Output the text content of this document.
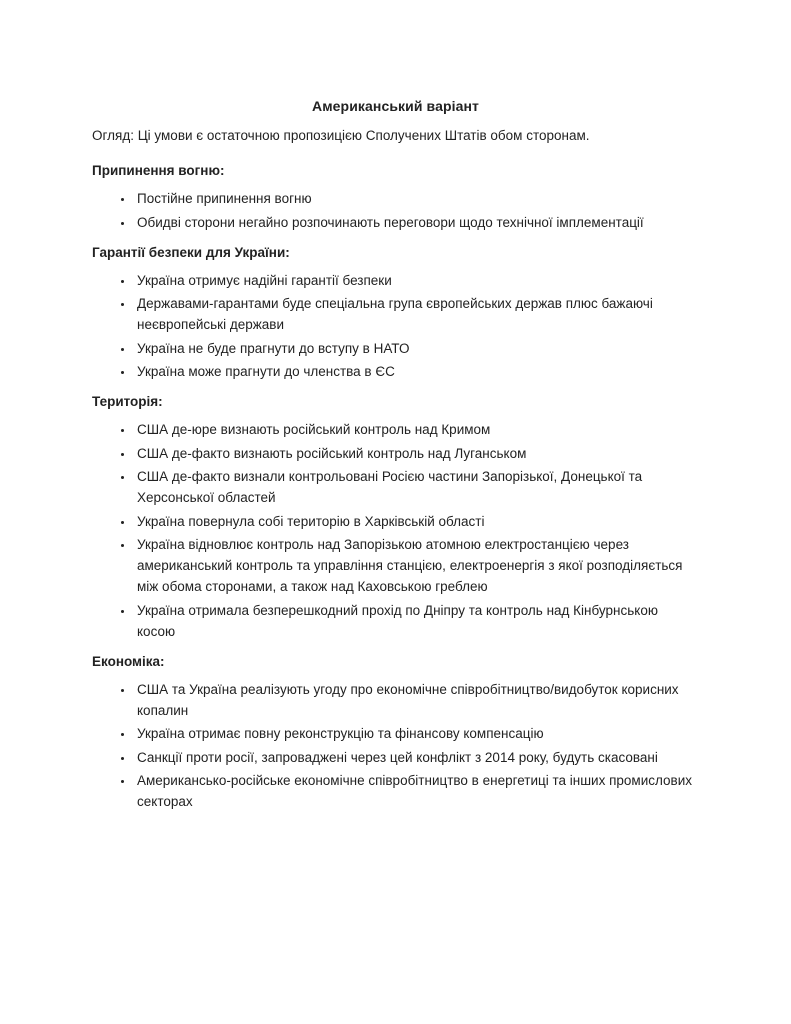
Американський варіант

Огляд: Ці умови є остаточною пропозицією Сполучених Штатів обом сторонам.

Припинення вогню:
• Постійне припинення вогню
• Обидві сторони негайно розпочинають переговори щодо технічної імплементації
Гарантії безпеки для України:
• Україна отримує надійні гарантії безпеки
• Державами-гарантами буде спеціальна група європейських держав плюс бажаючі неєвропейські держави
• Україна не буде прагнути до вступу в НАТО
• Україна може прагнути до членства в ЄС
Територія:
• США де-юре визнають російський контроль над Кримом
• США де-факто визнають російський контроль над Луганськом
• США де-факто визнали контрольовані Росією частини Запорізької, Донецької та Херсонської областей
• Україна повернула собі територію в Харківській області
• Україна відновлює контроль над Запорізькою атомною електростанцією через американський контроль та управління станцією, електроенергія з якої розподіляється між обома сторонами, а також над Каховською греблею
• Україна отримала безперешкодний прохід по Дніпру та контроль над Кінбурнською косою
Економіка:
• США та Україна реалізують угоду про економічне співробітництво/видобуток корисних копалин
• Україна отримає повну реконструкцію та фінансову компенсацію
• Санкції проти росії, запроваджені через цей конфлікт з 2014 року, будуть скасовані
• Американсько-російське економічне співробітництво в енергетиці та інших промислових секторах
